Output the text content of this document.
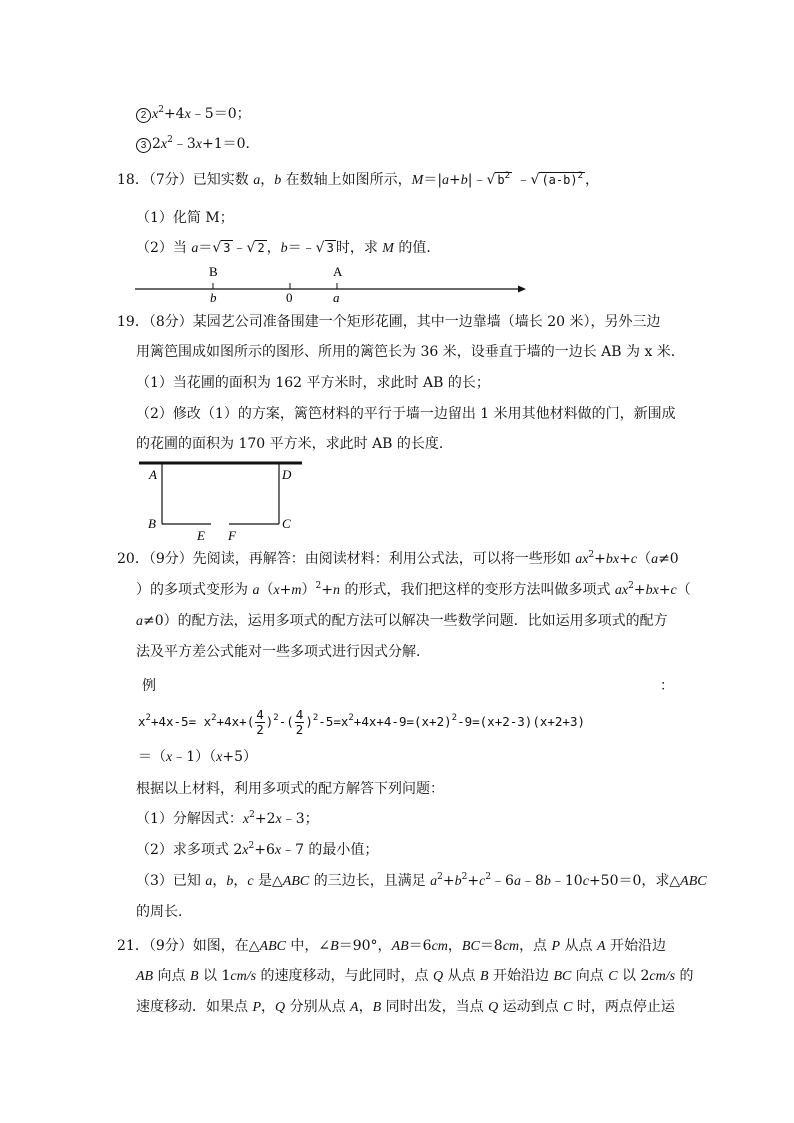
2 $x^2+4x﹣5=0$；
3 $2x^2﹣3x+1=0$．
18．（7分）已知实数 a，b 在数轴上如图所示，M＝|a+b|﹣√ $b^2$ ﹣√ $(a-b)^2$ ，
（1）化简 M；
（2）当 a＝√ 3 ﹣√ 2 ，b＝﹣√ 3 时，求 M 的值．
B	A
b	0	a
19．（8分）某园艺公司准备围建一个矩形花圃，其中一边靠墙（墙长 20 米），另外三边
用篱笆围成如图所示的图形、所用的篱笆长为 36 米，设垂直于墙的一边长 AB 为 x 米．
（1）当花圃的面积为 162 平方米时，求此时 AB 的长；
（2）修改（1）的方案，篱笆材料的平行于墙一边留出 1 米用其他材料做的门，新围成
的花圃的面积为 170 平方米，求此时 AB 的长度．
A	D
B	C
E F
20．（9分）先阅读，再解答：由阅读材料：利用公式法，可以将一些形如 $ax^2+bx+c(a\ne 0$
）的多项式变形为 $a(x+m)^2+n$ 的形式，我们把这样的变形方法叫做多项式 $ax^2+bx+c$（
a≠0）的配方法，运用多项式的配方法可以解决一些数学问题．比如运用多项式的配方
法及平方差公式能对一些多项式进行因式分解．
例	：
$x^2+4x-5= x^2+4x+( \frac{4}{2} )^2-( \frac{4}{2} )^2-5=x^2+4x+4-9=(x+2)^2-9=(x+2-3)(x+2+3)$
＝（x﹣1）（x+5）
根据以上材料，利用多项式的配方解答下列问题：
（1）分解因式：$x^2+2x﹣3$；
（2）求多项式 $2x^2+6x﹣7$ 的最小值；
（3）已知 a，b，c 是△ABC 的三边长，且满足 $a^2+b^2+c^2﹣6a﹣8b﹣10c+50=0$，求△ABC
的周长．
21．（9分）如图，在△ABC 中，∠B＝90°，AB＝6cm，BC＝8cm，点 P 从点 A 开始沿边
AB 向点 B 以 1cm/s 的速度移动，与此同时，点 Q 从点 B 开始沿边 BC 向点 C 以 2cm/s 的
速度移动．如果点 P，Q 分别从点 A，B 同时出发，当点 Q 运动到点 C 时，两点停止运
